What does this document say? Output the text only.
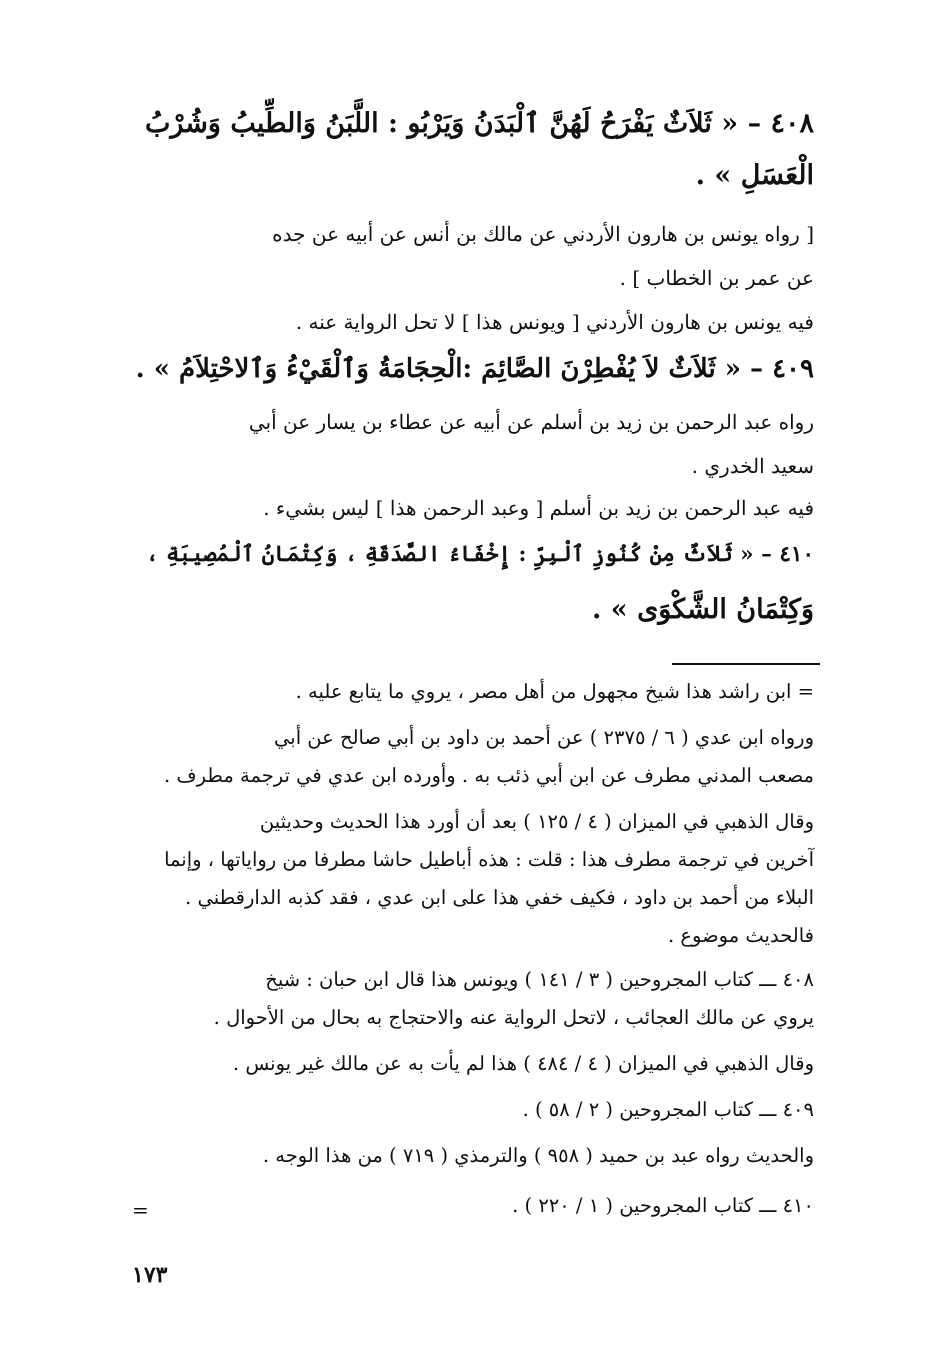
٤٠٨ – « ثَلاَثٌ يَفْرَحُ لَهُنَّ ٱلْبَدَنُ وَيَرْبُو : اللَّبَنُ وَالطِّيبُ وَشُرْبُ

الْعَسَلِ » .

[ رواه يونس بن هارون الأردني عن مالك بن أنس عن أبيه عن جده

عن عمر بن الخطاب ] .

فيه يونس بن هارون الأردني [ ويونس هذا ] لا تحل الرواية عنه .

٤٠٩ – « ثَلاَثٌ لاَ يُفْطِرْنَ الصَّائِمَ :الْحِجَامَةُ وَٱلْقَيْءُ وَٱلاحْتِلاَمُ » .

رواه عبد الرحمن بن زيد بن أسلم عن أبيه عن عطاء بن يسار عن أبي

سعيد الخدري .

فيه عبد الرحمن بن زيد بن أسلم [ وعبد الرحمن هذا ] ليس بشيء .

٤١٠ – « ثَلاَثٌ مِنْ كُنُوزِ ٱلْبِرِّ : إِخْفَاءُ الصَّدَقَةِ ، وَكِتْمَانُ ٱلْمُصِيبَةِ ،

وَكِتْمَانُ الشَّكْوَى » .

= ابن راشد هذا شيخ مجهول من أهل مصر ، يروي ما يتابع عليه .

ورواه ابن عدي ( ٦ / ٢٣٧٥ ) عن أحمد بن داود بن أبي صالح عن أبي

مصعب المدني مطرف عن ابن أبي ذئب به . وأورده ابن عدي في ترجمة مطرف .

وقال الذهبي في الميزان ( ٤ / ١٢٥ ) بعد أن أورد هذا الحديث وحديثين

آخرين في ترجمة مطرف هذا : قلت : هذه أباطيل حاشا مطرفا من رواياتها ، وإنما

البلاء من أحمد بن داود ، فكيف خفي هذا على ابن عدي ، فقد كذبه الدارقطني .

فالحديث موضوع .

٤٠٨ ـــ كتاب المجروحين ( ٣ / ١٤١ ) ويونس هذا قال ابن حبان : شيخ

يروي عن مالك العجائب ، لاتحل الرواية عنه والاحتجاج به بحال من الأحوال .

وقال الذهبي في الميزان ( ٤ / ٤٨٤ ) هذا لم يأت به عن مالك غير يونس .

٤٠٩ ـــ كتاب المجروحين ( ٢ / ٥٨ ) .

والحديث رواه عبد بن حميد ( ٩٥٨ ) والترمذي ( ٧١٩ ) من هذا الوجه .

٤١٠ ـــ كتاب المجروحين ( ١ / ٢٢٠ ) .

=
١٧٣
